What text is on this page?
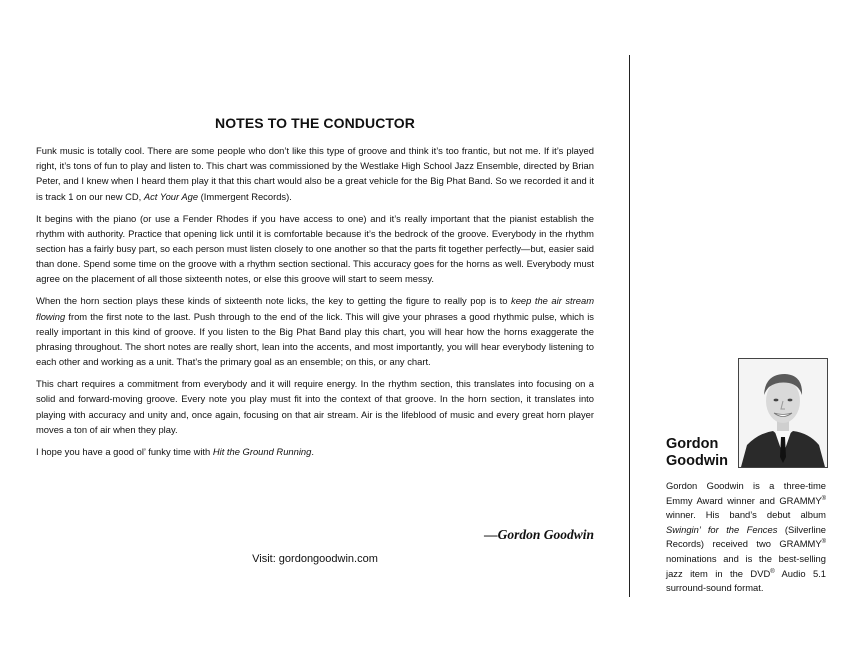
NOTES TO THE CONDUCTOR

Funk music is totally cool. There are some people who don’t like this type of groove and think it’s too frantic, but not me. If it’s played right, it’s tons of fun to play and listen to. This chart was commissioned by the Westlake High School Jazz Ensemble, directed by Brian Peter, and I knew when I heard them play it that this chart would also be a great vehicle for the Big Phat Band. So we recorded it and it is track 1 on our new CD, Act Your Age (Immergent Records).

It begins with the piano (or use a Fender Rhodes if you have access to one) and it’s really important that the pianist establish the rhythm with authority. Practice that opening lick until it is comfortable because it’s the bedrock of the groove. Everybody in the rhythm section has a fairly busy part, so each person must listen closely to one another so that the parts fit together perfectly—but, easier said than done. Spend some time on the groove with a rhythm section sectional. This accuracy goes for the horns as well. Everybody must agree on the placement of all those sixteenth notes, or else this groove will start to seem messy.

When the horn section plays these kinds of sixteenth note licks, the key to getting the figure to really pop is to keep the air stream flowing from the first note to the last. Push through to the end of the lick. This will give your phrases a good rhythmic pulse, which is really important in this kind of groove. If you listen to the Big Phat Band play this chart, you will hear how the horns exaggerate the phrasing throughout. The short notes are really short, lean into the accents, and most importantly, you will hear everybody listening to each other and working as a unit. That’s the primary goal as an ensemble; on this, or any chart.

This chart requires a commitment from everybody and it will require energy. In the rhythm section, this translates into focusing on a solid and forward-moving groove. Every note you play must fit into the context of that groove. In the horn section, it translates into playing with accuracy and unity and, once again, focusing on that air stream. Air is the lifeblood of music and every great horn player moves a ton of air when they play.

I hope you have a good ol’ funky time with Hit the Ground Running.

—Gordon Goodwin
Visit: gordongoodwin.com
Gordon
Goodwin
Gordon Goodwin is a three-time Emmy Award winner and GRAMMY® winner. His band’s debut album Swingin’ for the Fences (Silverline Records) received two GRAMMY® nominations and is the best-selling jazz item in the DVD® Audio 5.1 surround-sound format.
